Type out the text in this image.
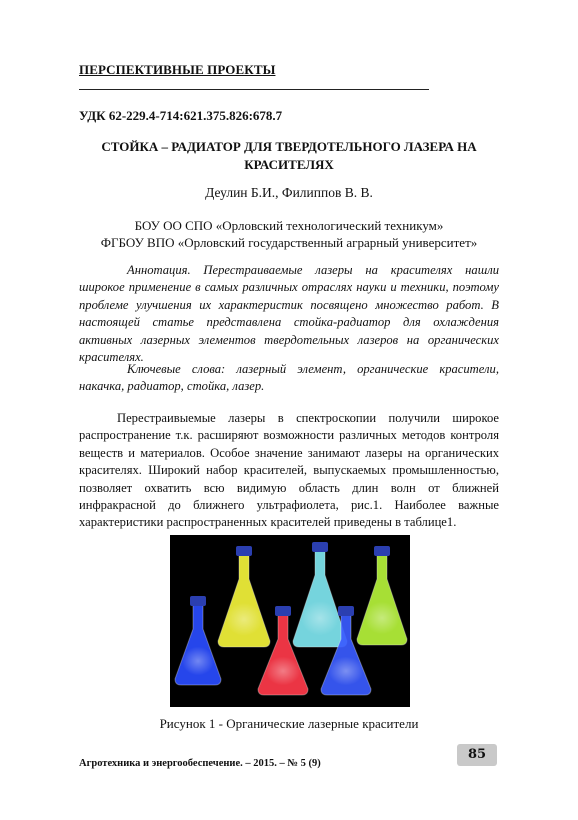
ПЕРСПЕКТИВНЫЕ ПРОЕКТЫ
УДК 62-229.4-714:621.375.826:678.7
СТОЙКА – РАДИАТОР ДЛЯ ТВЕРДОТЕЛЬНОГО ЛАЗЕРА НА КРАСИТЕЛЯХ
Деулин Б.И., Филиппов В. В.
БОУ ОО СПО «Орловский технологический техникум»
ФГБОУ ВПО «Орловский государственный аграрный университет»
Аннотация. Перестраиваемые лазеры на красителях нашли широкое применение в самых различных отраслях науки и техники, поэтому проблеме улучшения их характеристик посвящено множество работ. В настоящей статье представлена стойка-радиатор для охлаждения активных лазерных элементов твердотельных лазеров на органических красителях.
Ключевые слова: лазерный элемент, органические красители, накачка, радиатор, стойка, лазер.
Перестраивыемые лазеры в спектроскопии получили широкое распространение т.к. расширяют возможности различных методов контроля веществ и материалов. Особое значение занимают лазеры на органических красителях. Широкий набор красителей, выпускаемых промышленностью, позволяет охватить всю видимую область длин волн от ближней инфракрасной до ближнего ультрафиолета, рис.1. Наиболее важные характеристики распространенных красителей приведены в таблице1.
Рисунок 1 - Органические лазерные красители
Агротехника и энергообеспечение. – 2015. – № 5 (9)
85
